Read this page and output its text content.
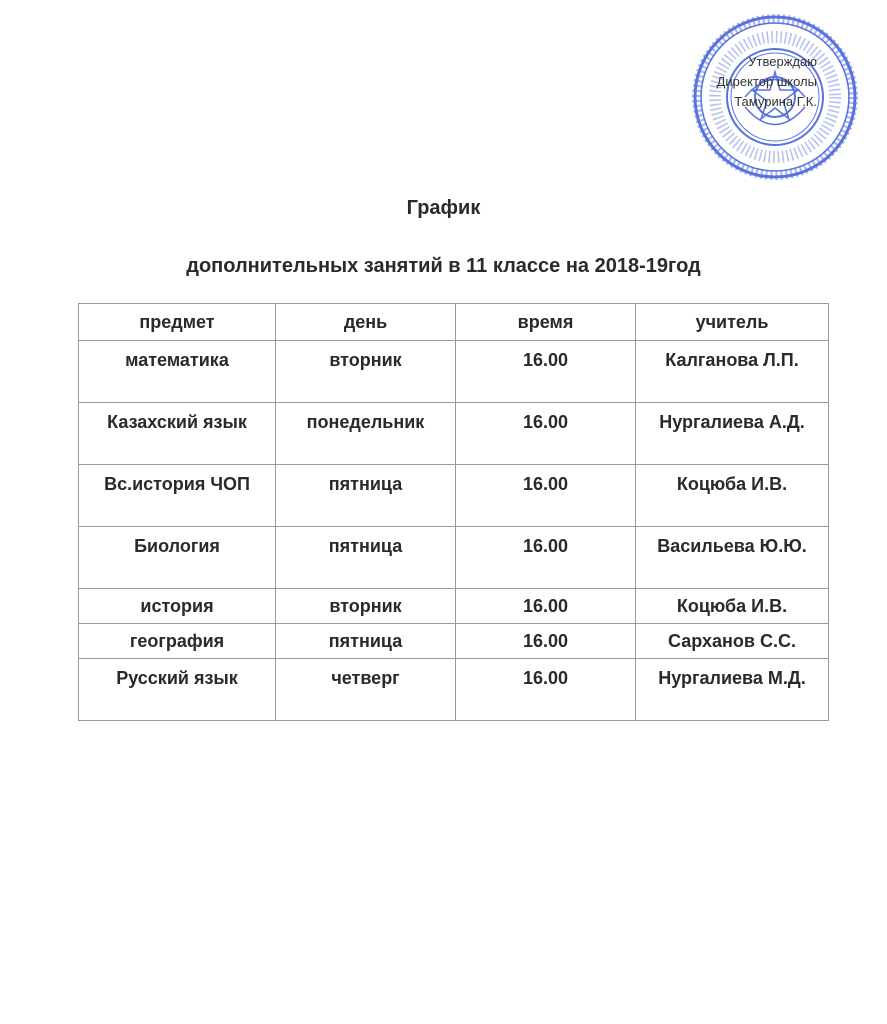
Утверждаю
Директор школы
Тамурина Г.К.
График
дополнительных занятий в 11 классе на 2018-19год
предмет	день	время	учитель
математика	вторник	16.00	Калганова Л.П.
Казахский язык	понедельник	16.00	Нургалиева А.Д.
Вс.история ЧОП	пятница	16.00	Коцюба И.В.
Биология	пятница	16.00	Васильева Ю.Ю.
история	вторник	16.00	Коцюба И.В.
география	пятница	16.00	Сарханов С.С.
Русский язык	четверг	16.00	Нургалиева М.Д.
